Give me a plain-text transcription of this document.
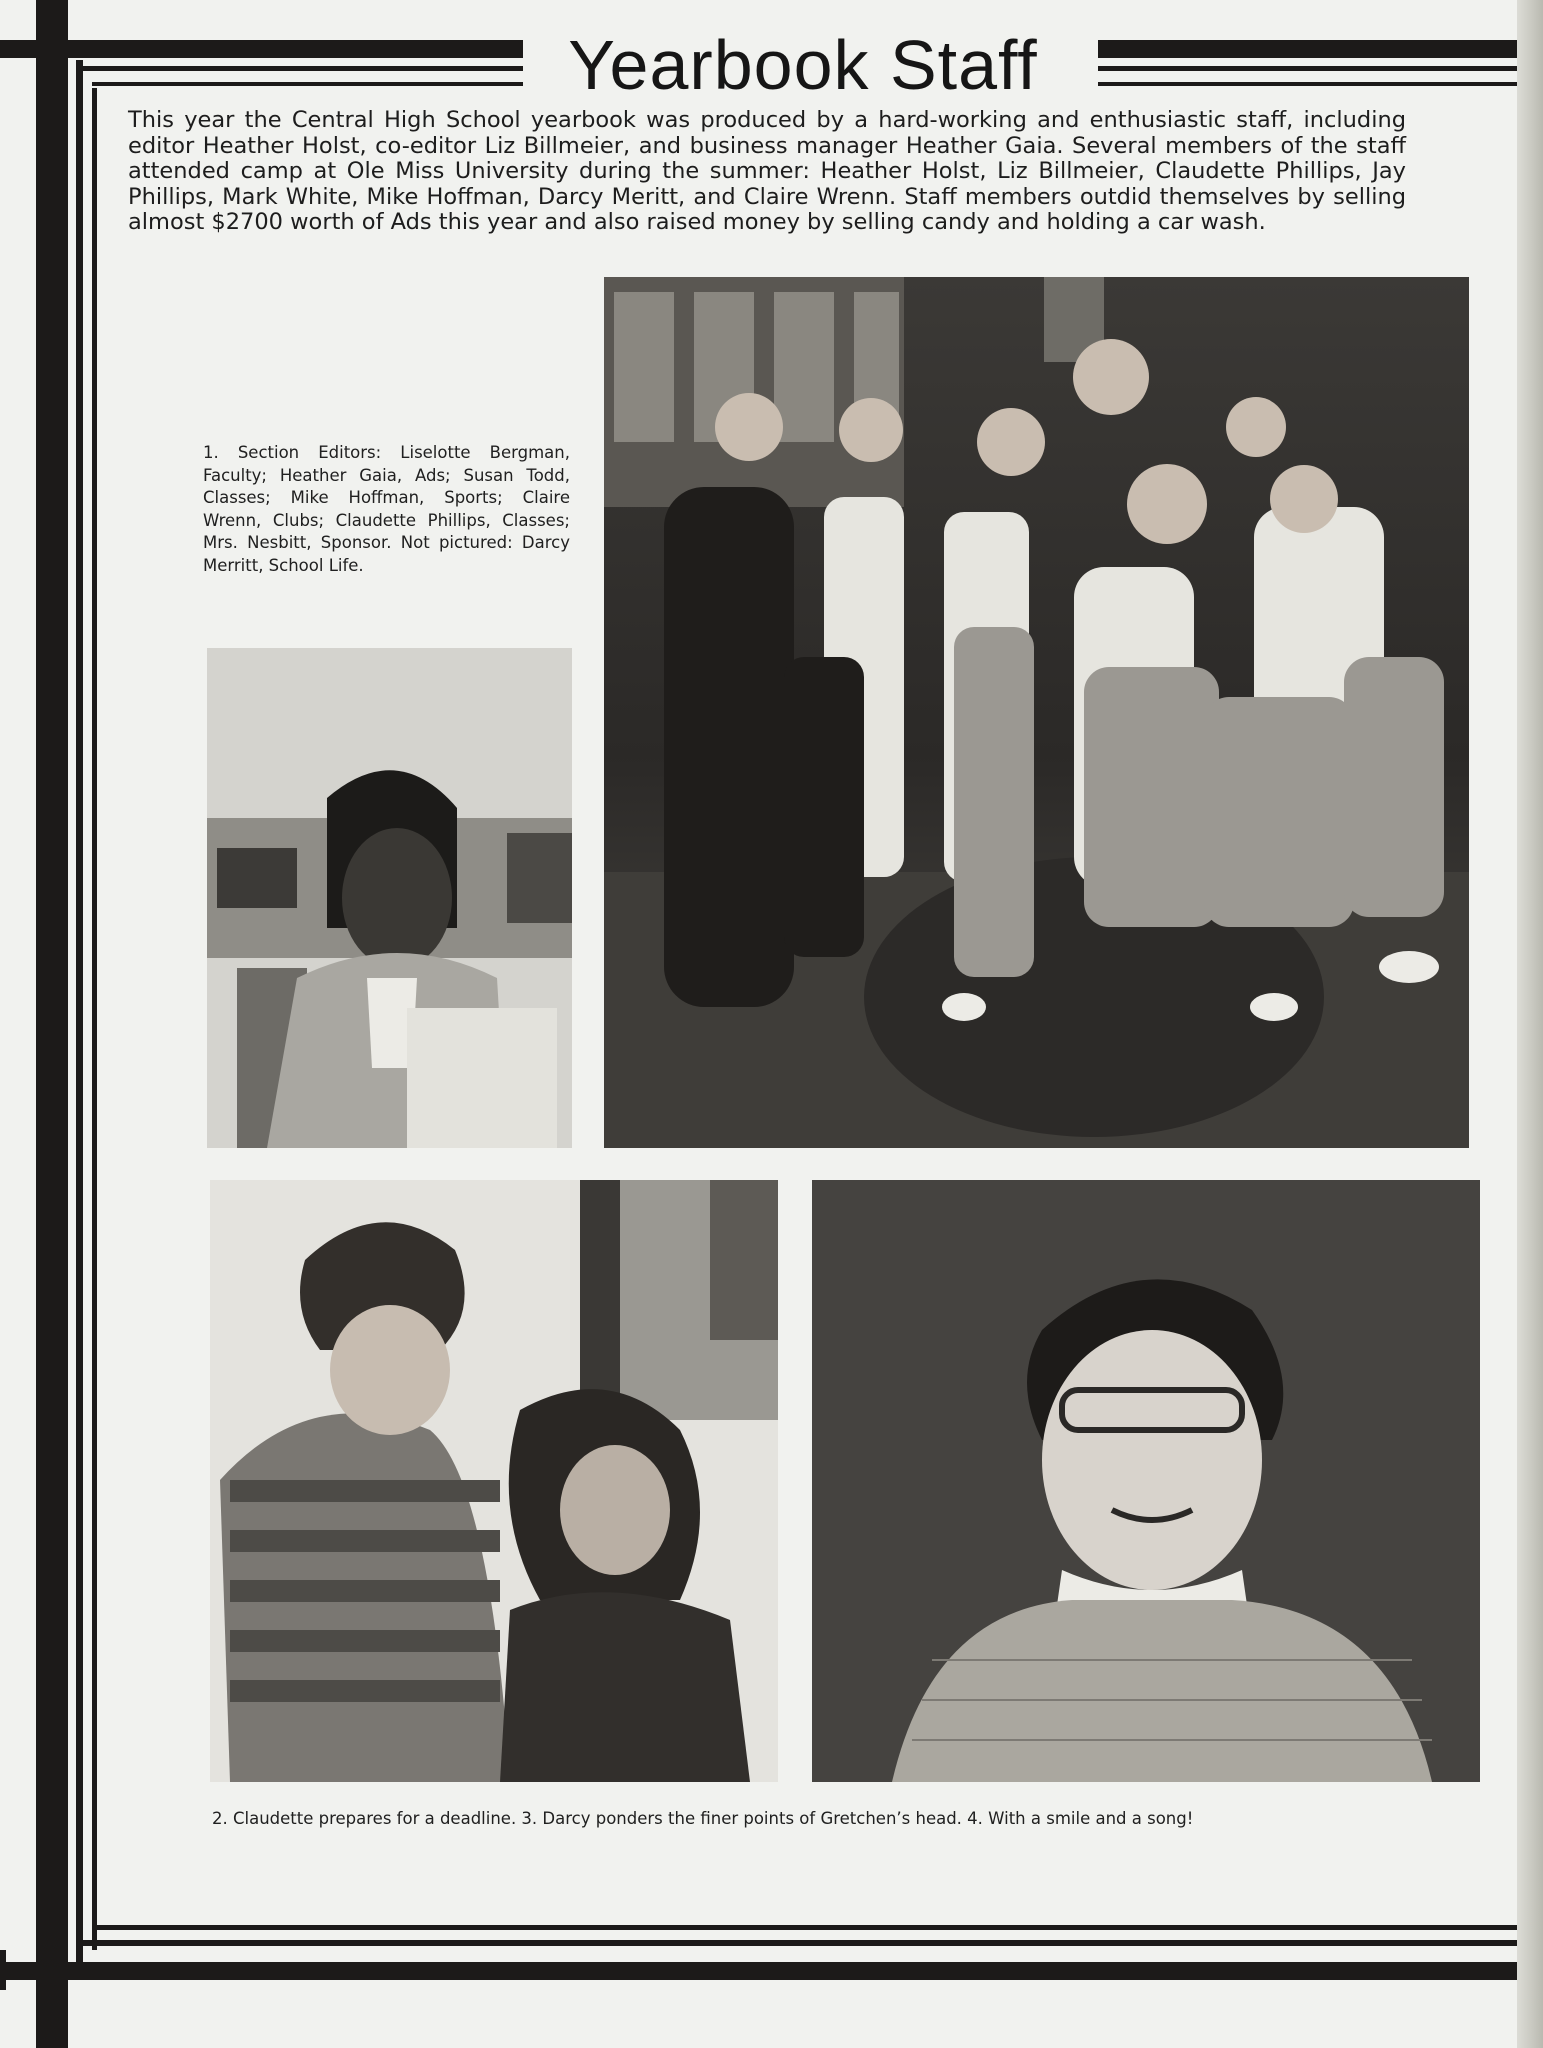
Yearbook Staff

This year the Central High School yearbook was produced by a hard-working and enthusiastic staff, including editor Heather Holst, co-editor Liz Billmeier, and business manager Heather Gaia. Several members of the staff attended camp at Ole Miss University during the summer: Heather Holst, Liz Billmeier, Claudette Phillips, Jay Phillips, Mark White, Mike Hoffman, Darcy Meritt, and Claire Wrenn. Staff members outdid themselves by selling almost $2700 worth of Ads this year and also raised money by selling candy and holding a car wash.

1. Section Editors: Liselotte Bergman, Faculty; Heather Gaia, Ads; Susan Todd, Classes; Mike Hoffman, Sports; Claire Wrenn, Clubs; Claudette Phillips, Classes; Mrs. Nesbitt, Sponsor. Not pictured: Darcy Merritt, School Life.

2. Claudette prepares for a deadline. 3. Darcy ponders the finer points of Gretchen’s head. 4. With a smile and a song!
